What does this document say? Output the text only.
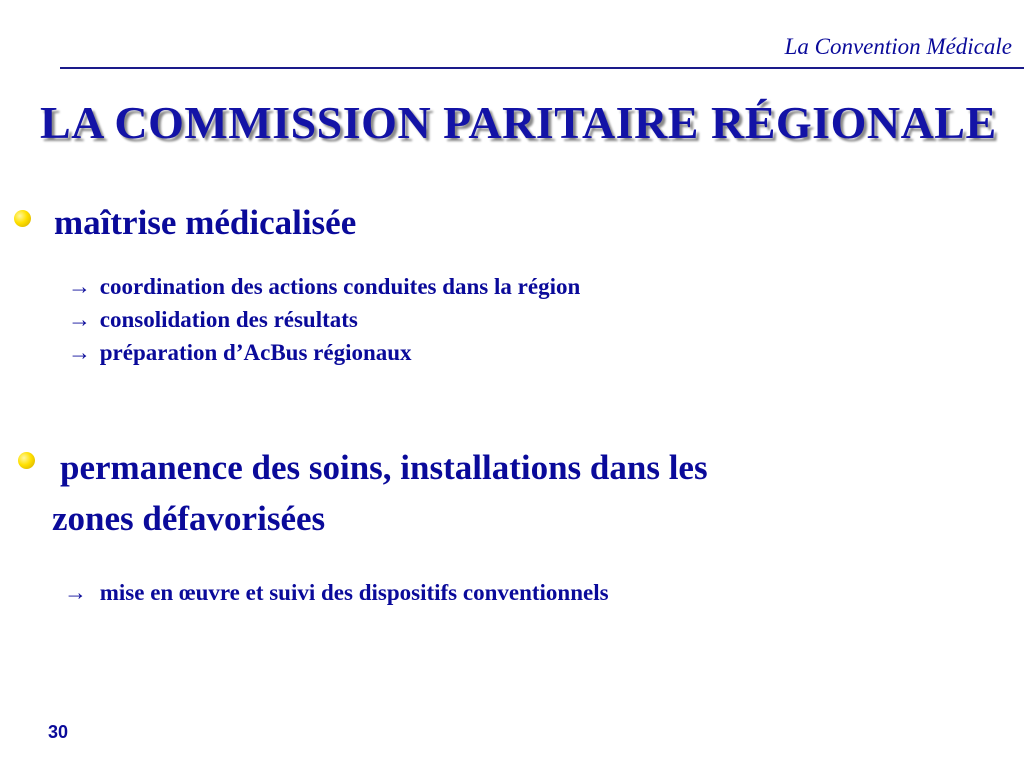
La Convention Médicale
LA COMMISSION PARITAIRE RÉGIONALE
maîtrise médicalisée
→ coordination des actions conduites dans la région
→ consolidation des résultats
→ préparation d’AcBus régionaux
permanence des soins, installations dans les
zones défavorisées
→ mise en œuvre et suivi des dispositifs conventionnels
30
